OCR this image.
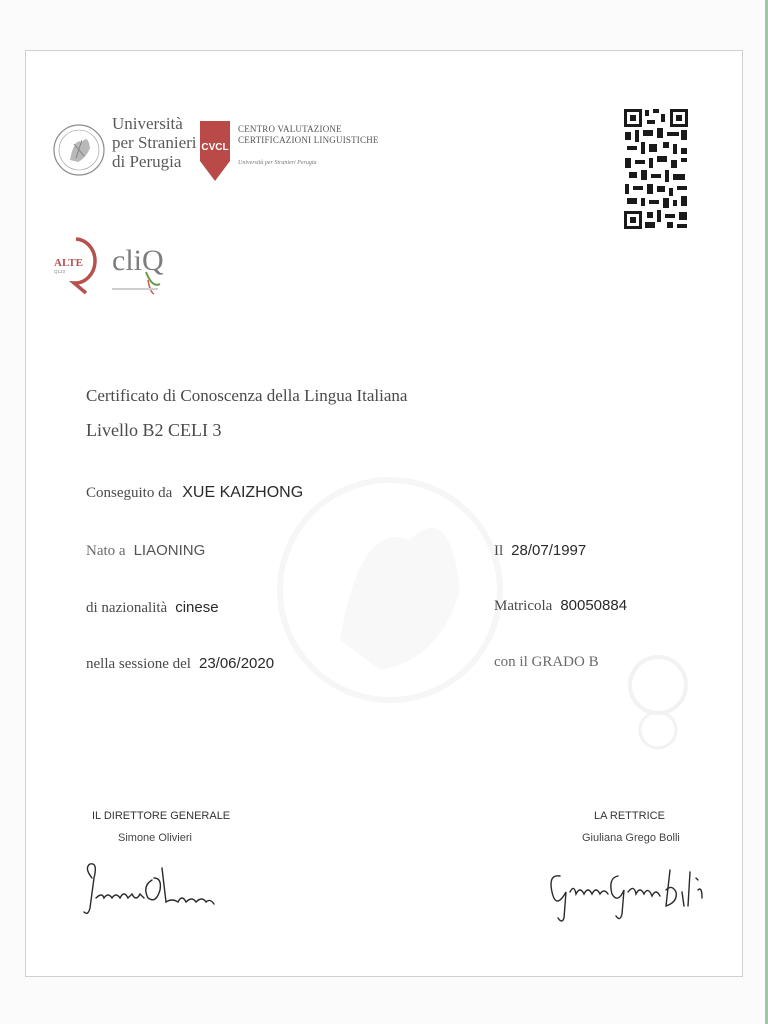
Università
per Stranieri
di Perugia
CVCL
CENTRO VALUTAZIONE
CERTIFICAZIONI LINGUISTICHE
Università per Stranieri Perugia
ALTE
Q123 cliQ
Certificato di Conoscenza della Lingua Italiana
Livello B2 CELI 3
Conseguito da XUE KAIZHONG
Nato a LIAONING	Il 28/07/1997
di nazionalità cinese	Matricola 80050884
nella sessione del 23/06/2020	con il GRADO B
IL DIRETTORE GENERALE
Simone Olivieri
LA RETTRICE
Giuliana Grego Bolli
